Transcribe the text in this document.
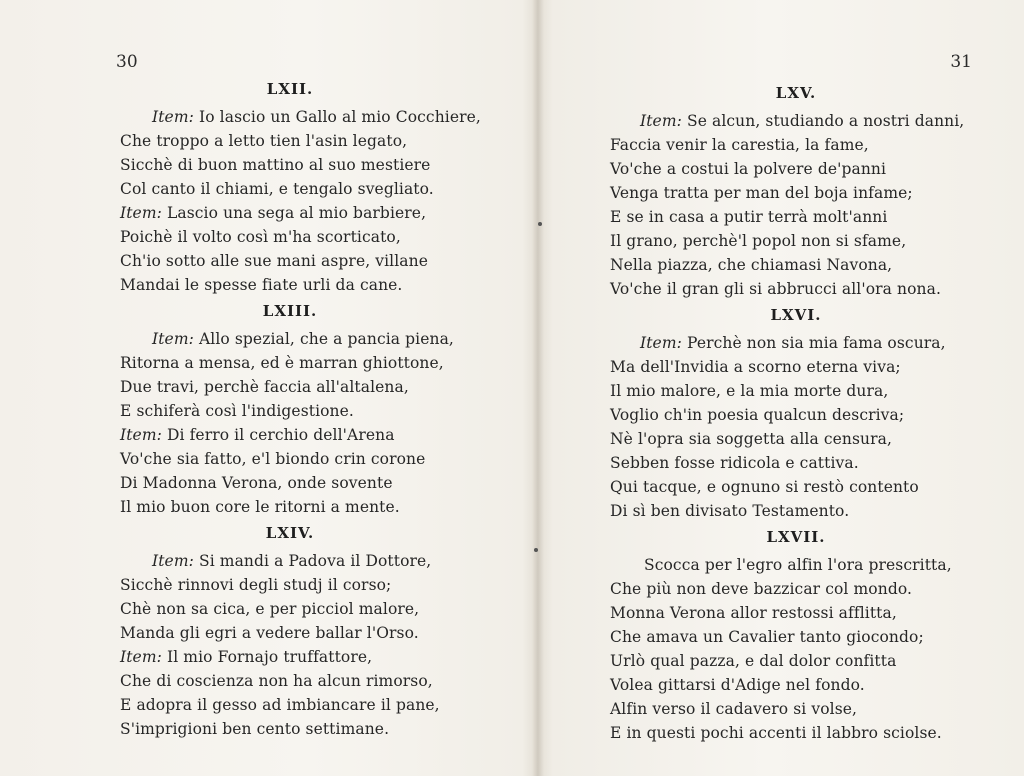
30
LXII.
Item: Io lascio un Gallo al mio Cocchiere,
Che troppo a letto tien l'asin legato,
Sicchè di buon mattino al suo mestiere
Col canto il chiami, e tengalo svegliato.
Item: Lascio una sega al mio barbiere,
Poichè il volto così m'ha scorticato,
Ch'io sotto alle sue mani aspre, villane
Mandai le spesse fiate urli da cane.
LXIII.
Item: Allo spezial, che a pancia piena,
Ritorna a mensa, ed è marran ghiottone,
Due travi, perchè faccia all'altalena,
E schiferà così l'indigestione.
Item: Di ferro il cerchio dell'Arena
Vo'che sia fatto, e'l biondo crin corone
Di Madonna Verona, onde sovente
Il mio buon core le ritorni a mente.
LXIV.
Item: Si mandi a Padova il Dottore,
Sicchè rinnovi degli studj il corso;
Chè non sa cica, e per picciol malore,
Manda gli egri a vedere ballar l'Orso.
Item: Il mio Fornajo truffattore,
Che di coscienza non ha alcun rimorso,
E adopra il gesso ad imbiancare il pane,
S'imprigioni ben cento settimane.
31
LXV.
Item: Se alcun, studiando a nostri danni,
Faccia venir la carestia, la fame,
Vo'che a costui la polvere de'panni
Venga tratta per man del boja infame;
E se in casa a putir terrà molt'anni
Il grano, perchè'l popol non si sfame,
Nella piazza, che chiamasi Navona,
Vo'che il gran gli si abbrucci all'ora nona.
LXVI.
Item: Perchè non sia mia fama oscura,
Ma dell'Invidia a scorno eterna viva;
Il mio malore, e la mia morte dura,
Voglio ch'in poesia qualcun descriva;
Nè l'opra sia soggetta alla censura,
Sebben fosse ridicola e cattiva.
Qui tacque, e ognuno si restò contento
Di sì ben divisato Testamento.
LXVII.
Scocca per l'egro alfin l'ora prescritta,
Che più non deve bazzicar col mondo.
Monna Verona allor restossi afflitta,
Che amava un Cavalier tanto giocondo;
Urlò qual pazza, e dal dolor confitta
Volea gittarsi d'Adige nel fondo.
Alfin verso il cadavero si volse,
E in questi pochi accenti il labbro sciolse.
